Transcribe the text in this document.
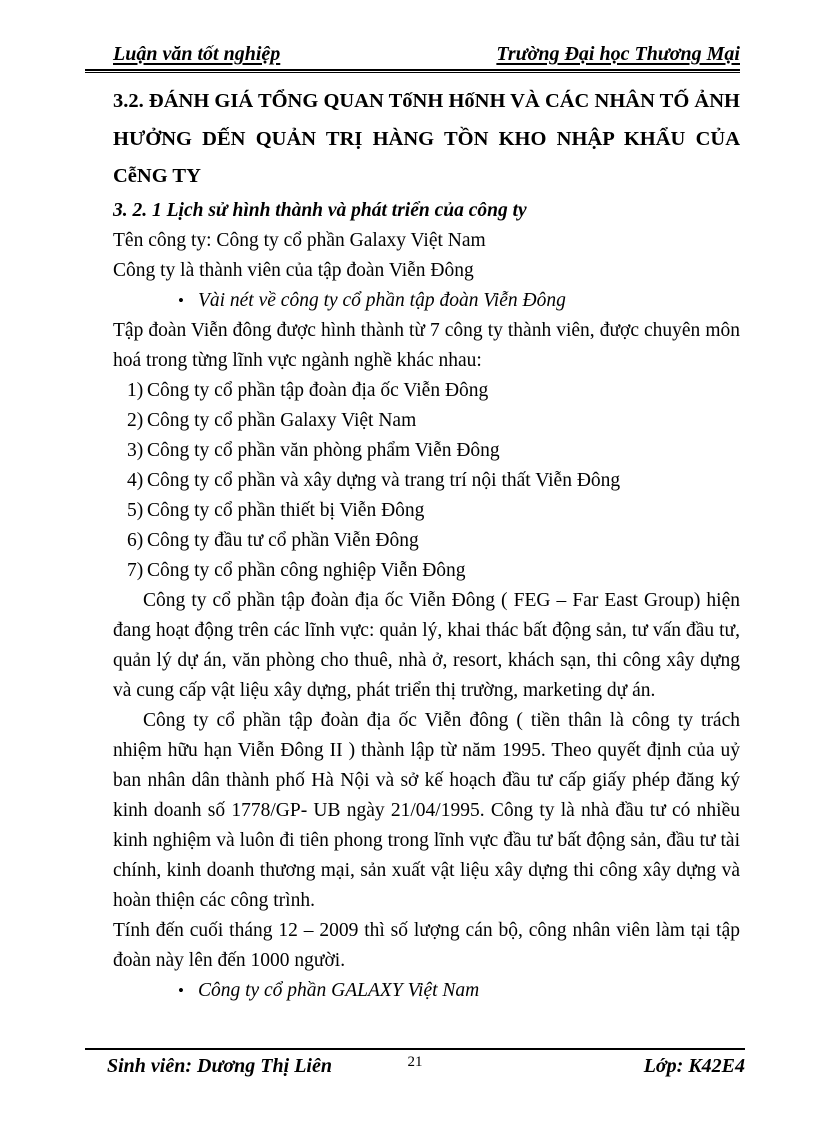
Luận văn tốt nghiệp	Trường Đại học Thương Mại

3.2. ĐÁNH GIÁ TỔNG QUAN TốNH HốNH VÀ CÁC NHÂN TỐ ẢNH HƯỞNG DẾN QUẢN TRỊ HÀNG TỒN KHO NHẬP KHẨU CỦA CễNG TY

3. 2. 1 Lịch sử hình thành và phát triển của công ty

Tên công ty: Công ty cổ phần Galaxy Việt Nam

Công ty là thành viên của tập đoàn Viễn Đông

• Vài nét về công ty cổ phần tập đoàn Viễn Đông

Tập đoàn Viễn đông được hình thành từ 7 công ty thành viên, được chuyên môn hoá trong từng lĩnh vực ngành nghề khác nhau:

1) Công ty cổ phần tập đoàn địa ốc Viễn Đông
2) Công ty cổ phần Galaxy Việt Nam
3) Công ty cổ phần văn phòng phẩm Viễn Đông
4) Công ty cổ phần và xây dựng và trang trí nội thất Viễn Đông
5) Công ty cổ phần thiết bị Viễn Đông
6) Công ty đầu tư cổ phần Viễn Đông
7) Công ty cổ phần công nghiệp Viễn Đông

Công ty cổ phần tập đoàn địa ốc Viễn Đông ( FEG – Far East Group) hiện đang hoạt động trên các lĩnh vực: quản lý, khai thác bất động sản, tư vấn đầu tư, quản lý dự án, văn phòng cho thuê, nhà ở, resort, khách sạn, thi công xây dựng và cung cấp vật liệu xây dựng, phát triển thị trường, marketing dự án.

Công ty cổ phần tập đoàn địa ốc Viễn đông ( tiền thân là công ty trách nhiệm hữu hạn Viễn Đông II ) thành lập từ năm 1995. Theo quyết định của uỷ ban nhân dân thành phố Hà Nội và sở kế hoạch đầu tư cấp giấy phép đăng ký kinh doanh số 1778/GP- UB ngày 21/04/1995. Công ty là nhà đầu tư có nhiều kinh nghiệm và luôn đi tiên phong trong lĩnh vực đầu tư bất động sản, đầu tư tài chính, kinh doanh thương mại, sản xuất vật liệu xây dựng thi công xây dựng và hoàn thiện các công trình.

Tính đến cuối tháng 12 – 2009 thì số lượng cán bộ, công nhân viên làm tại tập đoàn này lên đến 1000 người.

• Công ty cổ phần GALAXY Việt Nam
Sinh viên: Dương Thị Liên	21	Lớp: K42E4
